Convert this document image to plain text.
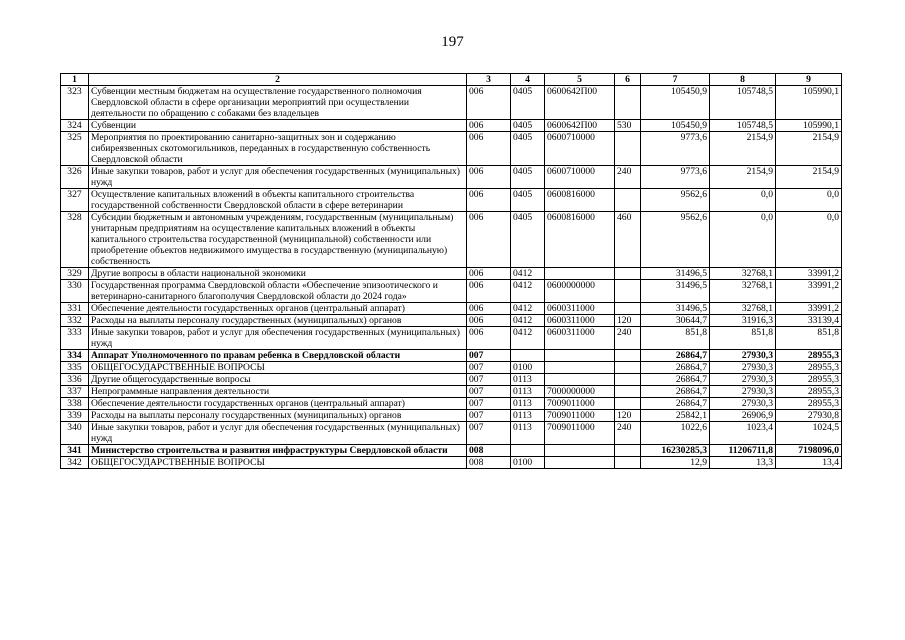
197
1	2	3	4	5	6	7	8	9
323	Субвенции местным бюджетам на осуществление государственного полномочия Свердловской области в сфере организации мероприятий при осуществлении деятельности по обращению с собаками без владельцев	006	0405	0600642П00		105450,9	105748,5	105990,1
324	Субвенции	006	0405	0600642П00	530	105450,9	105748,5	105990,1
325	Мероприятия по проектированию санитарно-защитных зон и содержанию сибиреязвенных скотомогильников, переданных в государственную собственность Свердловской области	006	0405	0600710000		9773,6	2154,9	2154,9
326	Иные закупки товаров, работ и услуг для обеспечения государственных (муниципальных) нужд	006	0405	0600710000	240	9773,6	2154,9	2154,9
327	Осуществление капитальных вложений в объекты капитального строительства государственной собственности Свердловской области в сфере ветеринарии	006	0405	0600816000		9562,6	0,0	0,0
328	Субсидии бюджетным и автономным учреждениям, государственным (муниципальным) унитарным предприятиям на осуществление капитальных вложений в объекты капитального строительства государственной (муниципальной) собственности или приобретение объектов недвижимого имущества в государственную (муниципальную) собственность	006	0405	0600816000	460	9562,6	0,0	0,0
329	Другие вопросы в области национальной экономики	006	0412			31496,5	32768,1	33991,2
330	Государственная программа Свердловской области «Обеспечение эпизоотического и ветеринарно-санитарного благополучия Свердловской области до 2024 года»	006	0412	0600000000		31496,5	32768,1	33991,2
331	Обеспечение деятельности государственных органов (центральный аппарат)	006	0412	0600311000		31496,5	32768,1	33991,2
332	Расходы на выплаты персоналу государственных (муниципальных) органов	006	0412	0600311000	120	30644,7	31916,3	33139,4
333	Иные закупки товаров, работ и услуг для обеспечения государственных (муниципальных) нужд	006	0412	0600311000	240	851,8	851,8	851,8
334	Аппарат Уполномоченного по правам ребенка в Свердловской области	007				26864,7	27930,3	28955,3
335	ОБЩЕГОСУДАРСТВЕННЫЕ ВОПРОСЫ	007	0100			26864,7	27930,3	28955,3
336	Другие общегосударственные вопросы	007	0113			26864,7	27930,3	28955,3
337	Непрограммные направления деятельности	007	0113	7000000000		26864,7	27930,3	28955,3
338	Обеспечение деятельности государственных органов (центральный аппарат)	007	0113	7009011000		26864,7	27930,3	28955,3
339	Расходы на выплаты персоналу государственных (муниципальных) органов	007	0113	7009011000	120	25842,1	26906,9	27930,8
340	Иные закупки товаров, работ и услуг для обеспечения государственных (муниципальных) нужд	007	0113	7009011000	240	1022,6	1023,4	1024,5
341	Министерство строительства и развития инфраструктуры Свердловской области	008				16230285,3	11206711,8	7198096,0
342	ОБЩЕГОСУДАРСТВЕННЫЕ ВОПРОСЫ	008	0100			12,9	13,3	13,4
